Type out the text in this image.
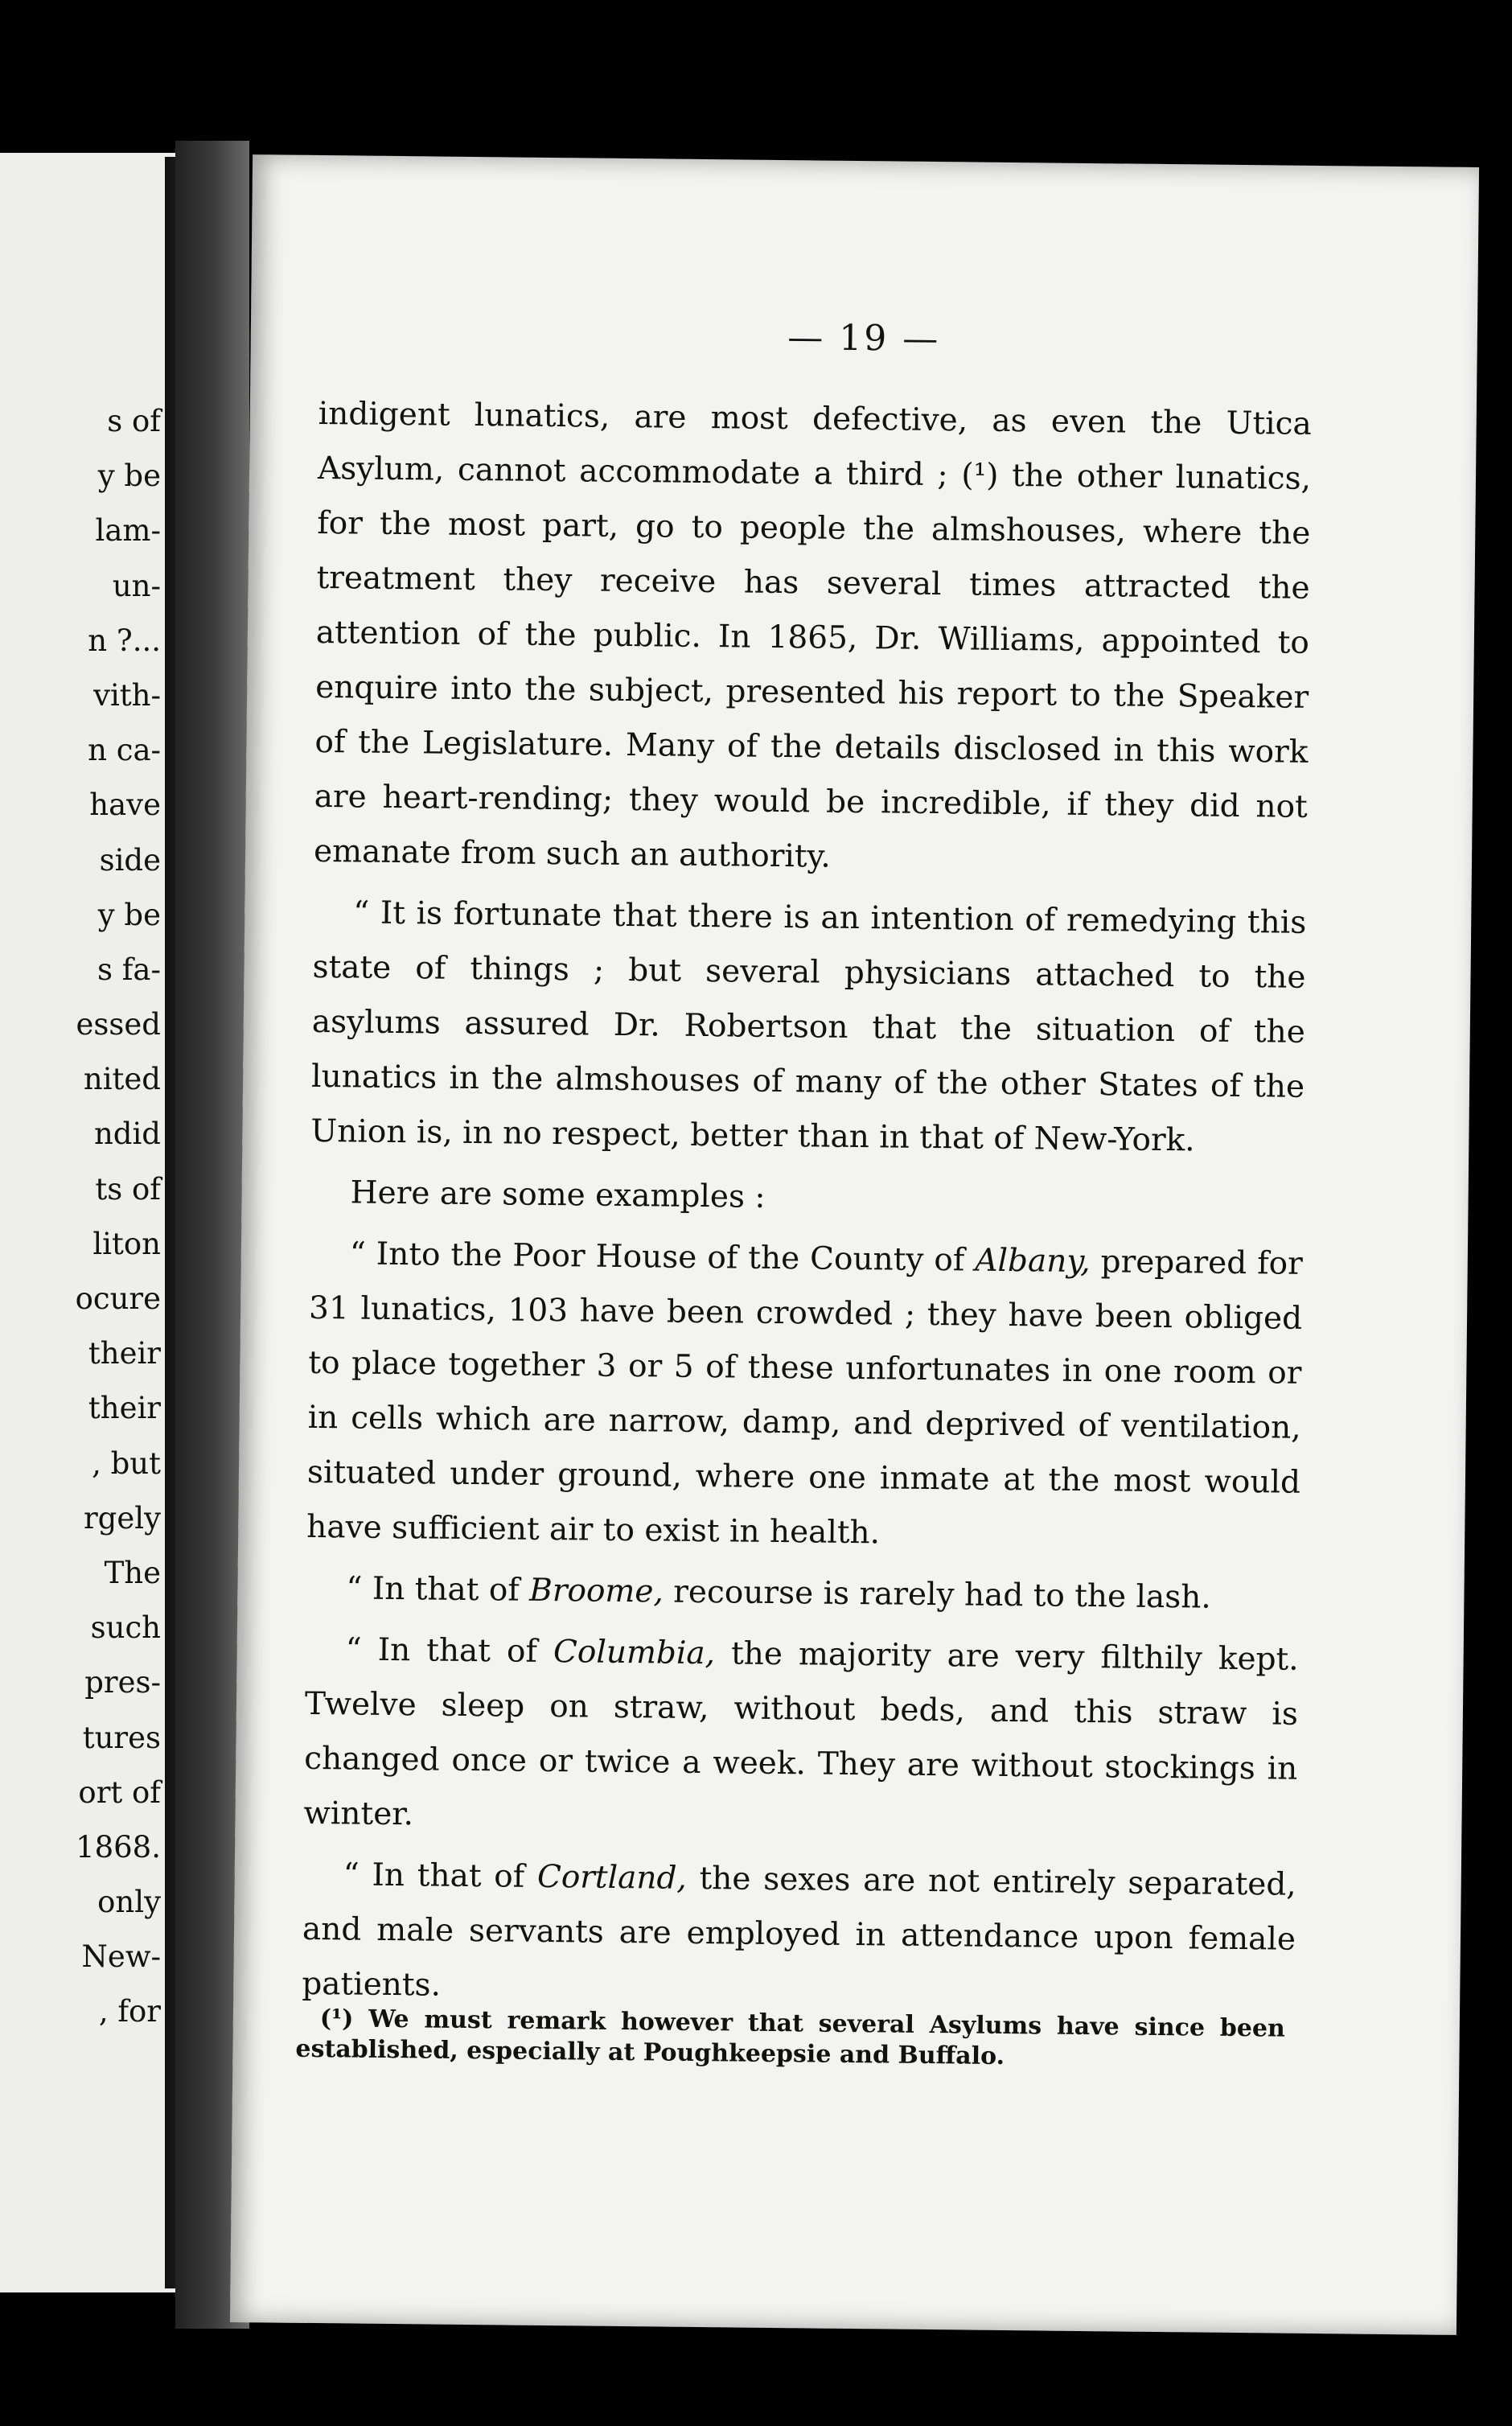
s of
y be
lam-
un-
n ?...
vith-
n ca-
have
side
y be
s fa-
essed
nited
ndid
ts of
liton
ocure
their
their
, but
rgely
The
such
pres-
tures
ort of
1868.
only
New-
, for
— 19 —

indigent lunatics, are most defective, as even the Utica Asylum, cannot accommodate a third ; (¹) the other lunatics, for the most part, go to people the almshouses, where the treatment they receive has several times attracted the attention of the public. In 1865, Dr. Williams, appointed to enquire into the subject, presented his report to the Speaker of the Legislature. Many of the details disclosed in this work are heart-rending; they would be incredible, if they did not emanate from such an authority.

“ It is fortunate that there is an intention of remedying this state of things ; but several physicians attached to the asylums assured Dr. Robertson that the situation of the lunatics in the almshouses of many of the other States of the Union is, in no respect, better than in that of New-York.

Here are some examples :

“ Into the Poor House of the County of Albany, prepared for 31 lunatics, 103 have been crowded ; they have been obliged to place together 3 or 5 of these unfortunates in one room or in cells which are narrow, damp, and deprived of ventilation, situated under ground, where one inmate at the most would have sufficient air to exist in health.

“ In that of Broome, recourse is rarely had to the lash.

“ In that of Columbia, the majority are very filthily kept. Twelve sleep on straw, without beds, and this straw is changed once or twice a week. They are without stockings in winter.

“ In that of Cortland, the sexes are not entirely separated, and male servants are employed in attendance upon female patients.

(¹) We must remark however that several Asylums have since been established, especially at Poughkeepsie and Buffalo.
